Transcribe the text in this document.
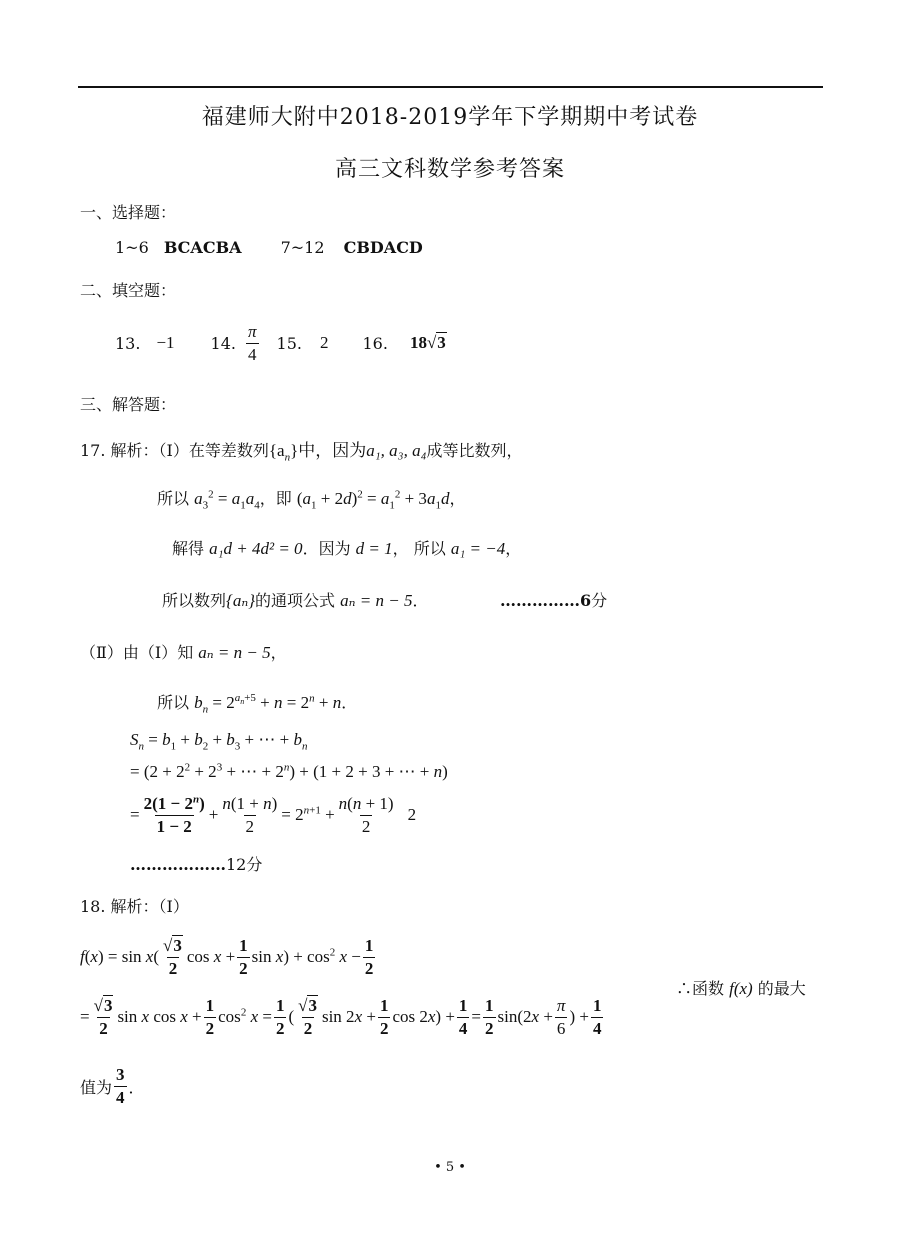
福建师大附中2018-2019学年下学期期中考试卷
高三文科数学参考答案
一、选择题：
1~6 BCACBA 7~12 CBDACD
二、填空题：
13. −1 14. $\frac{\pi}{4} 15$. 2 16. 18√3
三、解答题：
17. 解析：（Ⅰ）在等差数列$\{a_n\}$中，因为a₁, a₃, a₄成等比数列，
所以 $a_3^2 = a_1a_4$，即 $(a_1 + 2d)^2 = a_1^2 + 3a_1d$，
解得 a₁d + 4d² = 0．因为 d = 1， 所以 a₁ = −4，
所以数列{aₙ}的通项公式 aₙ = n − 5．	……………6分
（Ⅱ）由（Ⅰ）知 aₙ = n − 5，
所以 $b_n = 2^{a_n+5} + n = 2^n + n$．
$S_n = b_1 + b_2 + b_3$ + ⋯ + $b_n$
= ($2 + 2^2 + 2^3$ + ⋯ + $2^n) + (1 + 2 + 3$ + ⋯ + n)
= $\frac{2(1 - 2^n)}{1 - 2} + \frac{n(1 + n)}{2} = 2^{n+1} + \frac{n(n + 1)}{2} 2$
………………12分
18. 解析：（Ⅰ）
$f(x) = \sin x( \frac{√3}{2}$ $\cos x + \frac{1}{2}$ $\sin x) + \cos^2 x - \frac{1}{2}$
= $\frac{√3}{2}$ sin x $\cos x + \frac{1}{2} \cos^2 x = \frac{1}{2}$ ( $\frac{√3}{2}$ $\sin 2x + \frac{1}{2}$ $\cos 2x) + \frac{1}{4} = \frac{1}{2} \sin(2x + \frac{\pi}{6}$ ) + $\frac{1}{4}$
∴函数 f(x) 的最大
值为 $\frac{3}{4}$ ．
• 5 •
